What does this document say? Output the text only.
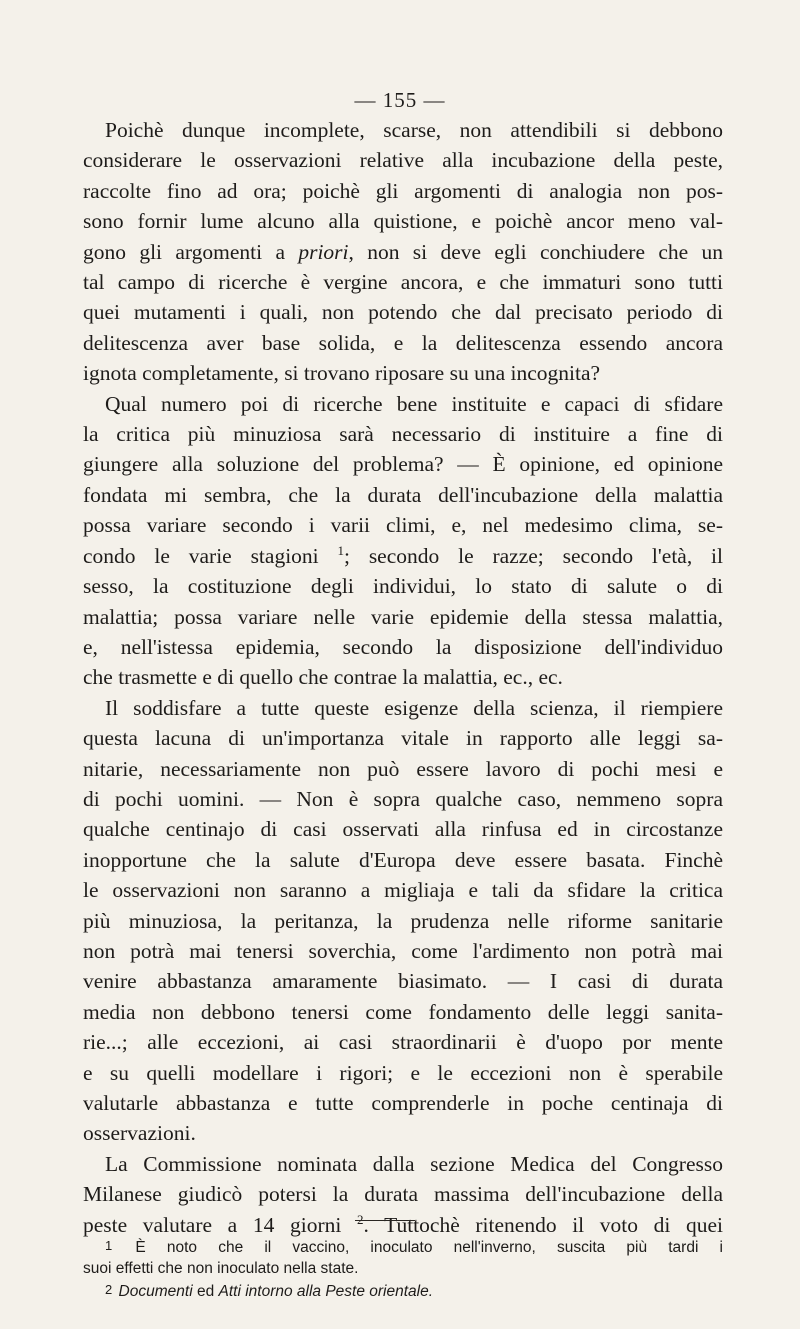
— 155 —
Poichè dunque incomplete, scarse, non attendibili si debbono
considerare le osservazioni relative alla incubazione della peste,
raccolte fino ad ora; poichè gli argomenti di analogia non pos-
sono fornir lume alcuno alla quistione, e poichè ancor meno val-
gono gli argomenti a priori, non si deve egli conchiudere che un
tal campo di ricerche è vergine ancora, e che immaturi sono tutti
quei mutamenti i quali, non potendo che dal precisato periodo di
delitescenza aver base solida, e la delitescenza essendo ancora
ignota completamente, si trovano riposare su una incognita?
Qual numero poi di ricerche bene instituite e capaci di sfidare
la critica più minuziosa sarà necessario di instituire a fine di
giungere alla soluzione del problema? — È opinione, ed opinione
fondata mi sembra, che la durata dell'incubazione della malattia
possa variare secondo i varii climi, e, nel medesimo clima, se-
condo le varie stagioni $^1$; secondo le razze; secondo l'età, il
sesso, la costituzione degli individui, lo stato di salute o di
malattia; possa variare nelle varie epidemie della stessa malattia,
e, nell'istessa epidemia, secondo la disposizione dell'individuo
che trasmette e di quello che contrae la malattia, ec., ec.
Il soddisfare a tutte queste esigenze della scienza, il riempiere
questa lacuna di un'importanza vitale in rapporto alle leggi sa-
nitarie, necessariamente non può essere lavoro di pochi mesi e
di pochi uomini. — Non è sopra qualche caso, nemmeno sopra
qualche centinajo di casi osservati alla rinfusa ed in circostanze
inopportune che la salute d'Europa deve essere basata. Finchè
le osservazioni non saranno a migliaja e tali da sfidare la critica
più minuziosa, la peritanza, la prudenza nelle riforme sanitarie
non potrà mai tenersi soverchia, come l'ardimento non potrà mai
venire abbastanza amaramente biasimato. — I casi di durata
media non debbono tenersi come fondamento delle leggi sanita-
rie...; alle eccezioni, ai casi straordinarii è d'uopo por mente
e su quelli modellare i rigori; e le eccezioni non è sperabile
valutarle abbastanza e tutte comprenderle in poche centinaja di
osservazioni.
La Commissione nominata dalla sezione Medica del Congresso
Milanese giudicò potersi la durata massima dell'incubazione della
peste valutare a 14 giorni $^2$. Tuttochè ritenendo il voto di quei
1 È noto che il vaccino, inoculato nell'inverno, suscita più tardi i
suoi effetti che non inoculato nella state.
2 Documenti ed Atti intorno alla Peste orientale.
